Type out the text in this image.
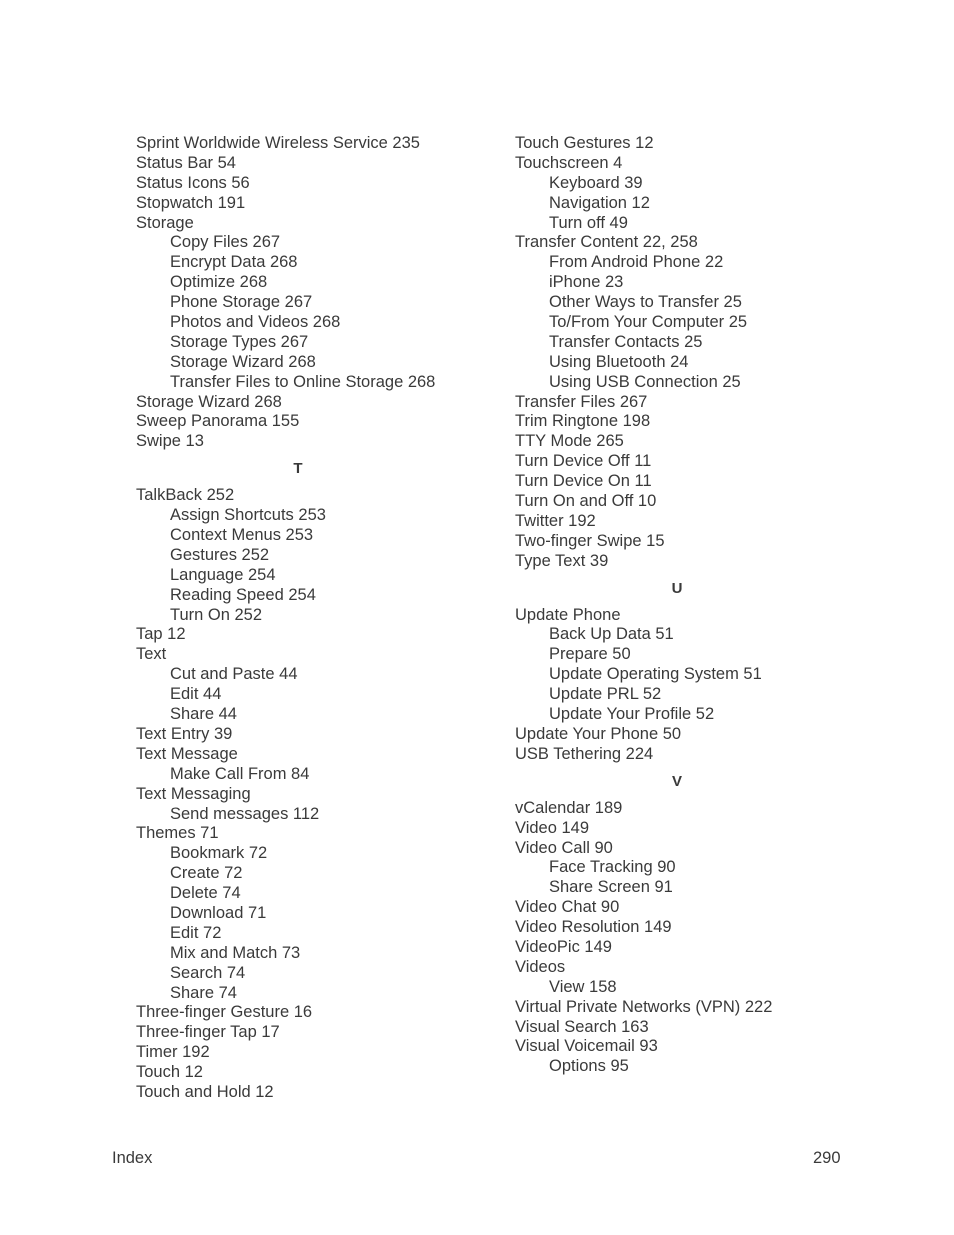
Sprint Worldwide Wireless Service 235
Status Bar 54
Status Icons 56
Stopwatch 191
Storage
Copy Files 267
Encrypt Data 268
Optimize 268
Phone Storage 267
Photos and Videos 268
Storage Types 267
Storage Wizard 268
Transfer Files to Online Storage 268
Storage Wizard 268
Sweep Panorama 155
Swipe 13
T
TalkBack 252
Assign Shortcuts 253
Context Menus 253
Gestures 252
Language 254
Reading Speed 254
Turn On 252
Tap 12
Text
Cut and Paste 44
Edit 44
Share 44
Text Entry 39
Text Message
Make Call From 84
Text Messaging
Send messages 112
Themes 71
Bookmark 72
Create 72
Delete 74
Download 71
Edit 72
Mix and Match 73
Search 74
Share 74
Three-finger Gesture 16
Three-finger Tap 17
Timer 192
Touch 12
Touch and Hold 12
Touch Gestures 12
Touchscreen 4
Keyboard 39
Navigation 12
Turn off 49
Transfer Content 22, 258
From Android Phone 22
iPhone 23
Other Ways to Transfer 25
To/From Your Computer 25
Transfer Contacts 25
Using Bluetooth 24
Using USB Connection 25
Transfer Files 267
Trim Ringtone 198
TTY Mode 265
Turn Device Off 11
Turn Device On 11
Turn On and Off 10
Twitter 192
Two-finger Swipe 15
Type Text 39
U
Update Phone
Back Up Data 51
Prepare 50
Update Operating System 51
Update PRL 52
Update Your Profile 52
Update Your Phone 50
USB Tethering 224
V
vCalendar 189
Video 149
Video Call 90
Face Tracking 90
Share Screen 91
Video Chat 90
Video Resolution 149
VideoPic 149
Videos
View 158
Virtual Private Networks (VPN) 222
Visual Search 163
Visual Voicemail 93
Options 95
Index	290
